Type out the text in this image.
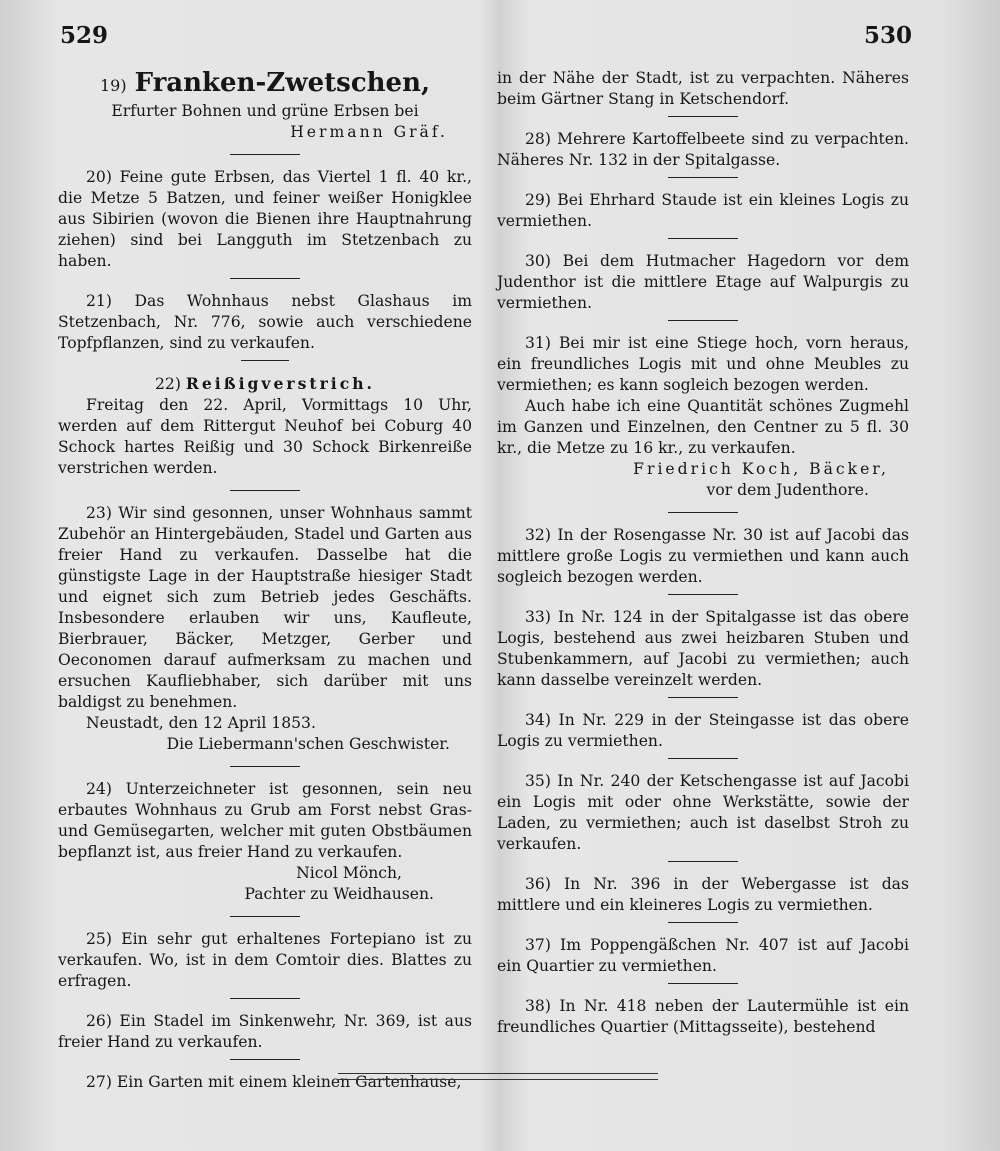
529	530
19) Franken-Zwetschen,

Erfurter Bohnen und grüne Erbsen bei

Hermann Gräf.

20) Feine gute Erbsen, das Viertel 1 fl. 40 kr., die Metze 5 Batzen, und feiner weißer Honigklee aus Sibirien (wovon die Bienen ihre Hauptnahrung ziehen) sind bei Langguth im Stetzenbach zu haben.

21) Das Wohnhaus nebst Glashaus im Stetzenbach, Nr. 776, sowie auch verschiedene Topfpflanzen, sind zu verkaufen.

22) Reißigverstrich.

Freitag den 22. April, Vormittags 10 Uhr, werden auf dem Rittergut Neuhof bei Coburg 40 Schock hartes Reißig und 30 Schock Birkenreiße verstrichen werden.

23) Wir sind gesonnen, unser Wohnhaus sammt Zubehör an Hintergebäuden, Stadel und Garten aus freier Hand zu verkaufen. Dasselbe hat die günstigste Lage in der Hauptstraße hiesiger Stadt und eignet sich zum Betrieb jedes Geschäfts. Insbesondere erlauben wir uns, Kaufleute, Bierbrauer, Bäcker, Metzger, Gerber und Oeconomen darauf aufmerksam zu machen und ersuchen Kaufliebhaber, sich darüber mit uns baldigst zu benehmen.

Neustadt, den 12 April 1853.

Die Liebermann'schen Geschwister.

24) Unterzeichneter ist gesonnen, sein neu erbautes Wohnhaus zu Grub am Forst nebst Gras- und Gemüsegarten, welcher mit guten Obstbäumen bepflanzt ist, aus freier Hand zu verkaufen.

Nicol Mönch,

Pachter zu Weidhausen.

25) Ein sehr gut erhaltenes Fortepiano ist zu verkaufen. Wo, ist in dem Comtoir dies. Blattes zu erfragen.

26) Ein Stadel im Sinkenwehr, Nr. 369, ist aus freier Hand zu verkaufen.

27) Ein Garten mit einem kleinen Gartenhause,

in der Nähe der Stadt, ist zu verpachten. Näheres beim Gärtner Stang in Ketschendorf.

28) Mehrere Kartoffelbeete sind zu verpachten. Näheres Nr. 132 in der Spitalgasse.

29) Bei Ehrhard Staude ist ein kleines Logis zu vermiethen.

30) Bei dem Hutmacher Hagedorn vor dem Judenthor ist die mittlere Etage auf Walpurgis zu vermiethen.

31) Bei mir ist eine Stiege hoch, vorn heraus, ein freundliches Logis mit und ohne Meubles zu vermiethen; es kann sogleich bezogen werden.

Auch habe ich eine Quantität schönes Zugmehl im Ganzen und Einzelnen, den Centner zu 5 fl. 30 kr., die Metze zu 16 kr., zu verkaufen.

Friedrich Koch, Bäcker,

vor dem Judenthore.

32) In der Rosengasse Nr. 30 ist auf Jacobi das mittlere große Logis zu vermiethen und kann auch sogleich bezogen werden.

33) In Nr. 124 in der Spitalgasse ist das obere Logis, bestehend aus zwei heizbaren Stuben und Stubenkammern, auf Jacobi zu vermiethen; auch kann dasselbe vereinzelt werden.

34) In Nr. 229 in der Steingasse ist das obere Logis zu vermiethen.

35) In Nr. 240 der Ketschengasse ist auf Jacobi ein Logis mit oder ohne Werkstätte, sowie der Laden, zu vermiethen; auch ist daselbst Stroh zu verkaufen.

36) In Nr. 396 in der Webergasse ist das mittlere und ein kleineres Logis zu vermiethen.

37) Im Poppengäßchen Nr. 407 ist auf Jacobi ein Quartier zu vermiethen.

38) In Nr. 418 neben der Lautermühle ist ein freundliches Quartier (Mittagsseite), bestehend
